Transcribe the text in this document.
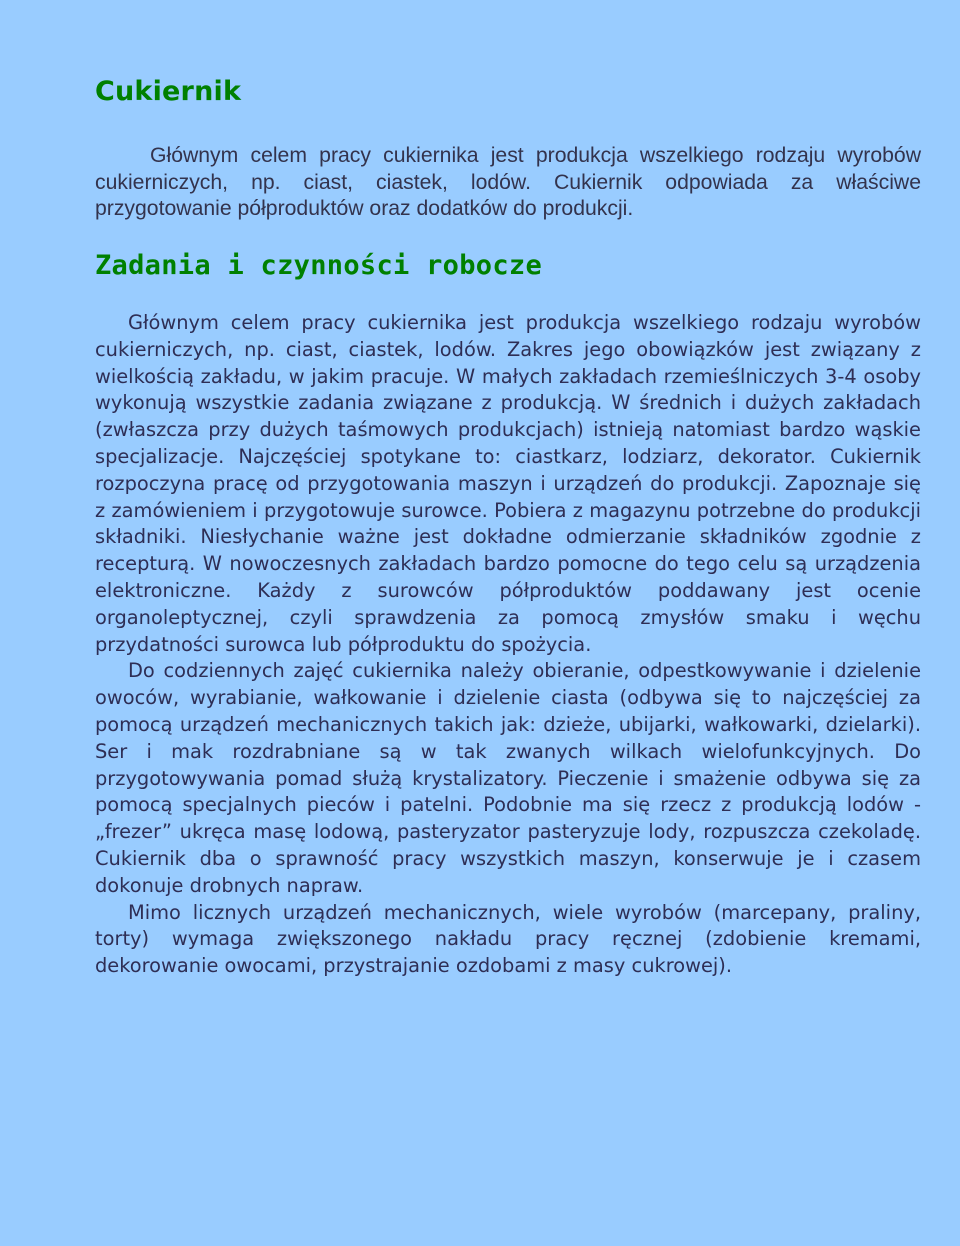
Cukiernik

Głównym celem pracy cukiernika jest produkcja wszelkiego rodzaju wyrobów cukierniczych, np. ciast, ciastek, lodów. Cukiernik odpowiada za właściwe przygotowanie półproduktów oraz dodatków do produkcji.

Zadania i czynności robocze

Głównym celem pracy cukiernika jest produkcja wszelkiego rodzaju wyrobów cukierniczych, np. ciast, ciastek, lodów. Zakres jego obowiązków jest związany z wielkością zakładu, w jakim pracuje. W małych zakładach rzemieślniczych 3-4 osoby wykonują wszystkie zadania związane z produkcją. W średnich i dużych zakładach (zwłaszcza przy dużych taśmowych produkcjach) istnieją natomiast bardzo wąskie specjalizacje. Najczęściej spotykane to: ciastkarz, lodziarz, dekorator. Cukiernik rozpoczyna pracę od przygotowania maszyn i urządzeń do produkcji. Zapoznaje się z zamówieniem i przygotowuje surowce. Pobiera z magazynu potrzebne do produkcji składniki. Niesłychanie ważne jest dokładne odmierzanie składników zgodnie z recepturą. W nowoczesnych zakładach bardzo pomocne do tego celu są urządzenia elektroniczne. Każdy z surowców półproduktów poddawany jest ocenie organoleptycznej, czyli sprawdzenia za pomocą zmysłów smaku i węchu przydatności surowca lub półproduktu do spożycia.

Do codziennych zajęć cukiernika należy obieranie, odpestkowywanie i dzielenie owoców, wyrabianie, wałkowanie i dzielenie ciasta (odbywa się to najczęściej za pomocą urządzeń mechanicznych takich jak: dzieże, ubijarki, wałkowarki, dzielarki). Ser i mak rozdrabniane są w tak zwanych wilkach wielofunkcyjnych. Do przygotowywania pomad służą krystalizatory. Pieczenie i smażenie odbywa się za pomocą specjalnych pieców i patelni. Podobnie ma się rzecz z produkcją lodów - „frezer” ukręca masę lodową, pasteryzator pasteryzuje lody, rozpuszcza czekoladę. Cukiernik dba o sprawność pracy wszystkich maszyn, konserwuje je i czasem dokonuje drobnych napraw.

Mimo licznych urządzeń mechanicznych, wiele wyrobów (marcepany, praliny, torty) wymaga zwiększonego nakładu pracy ręcznej (zdobienie kremami, dekorowanie owocami, przystrajanie ozdobami z masy cukrowej).
